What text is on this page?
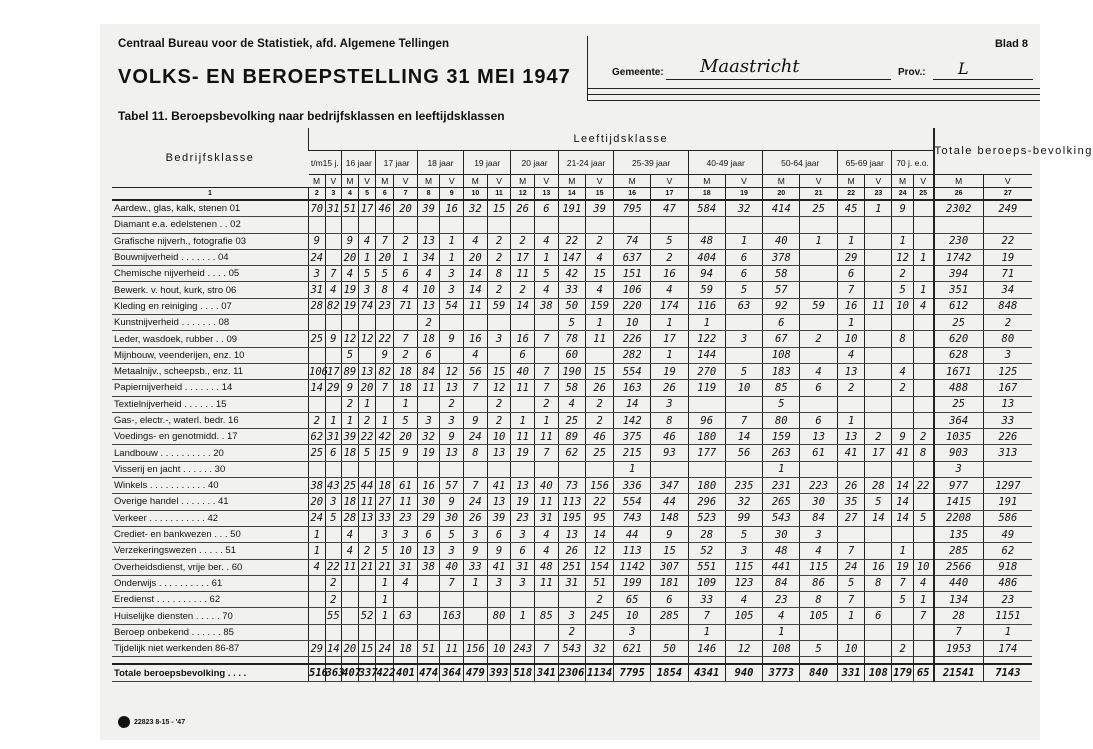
Centraal Bureau voor de Statistiek, afd. Algemene Tellingen
VOLKS- EN BEROEPSTELLING 31 MEI 1947
Blad 8
Gemeente: Maastricht	Prov.: L
Tabel 11. Beroepsbevolking naar bedrijfsklassen en leeftijdsklassen
Bedrijfsklasse	Leeftijdsklasse																								Totale beroeps-bevolking	
	t/m15 j.		16 jaar		17 jaar		18 jaar		19 jaar		20 jaar		21-24 jaar		25-39 jaar		40-49 jaar		50-64 jaar		65-69 jaar		70 j. e.o.			
	M	V	M	V	M	V	M	V	M	V	M	V	M	V	M	V	M	V	M	V	M	V	M	V	M	V
1	2	3	4	5	6	7	8	9	10	11	12	13	14	15	16	17	18	19	20	21	22	23	24	25	26	27
Aardew., glas, kalk, stenen 01	70	31	51	17	46	20	39	16	32	15	26	6	191	39	795	47	584	32	414	25	45	1	9		2302	249
Diamant e.a. edelstenen . . 02																										
Grafische nijverh., fotografie 03	9		9	4	7	2	13	1	4	2	2	4	22	2	74	5	48	1	40	1	1		1		230	22
Bouwnijverheid . . . . . . . 04	24		20	1	20	1	34	1	20	2	17	1	147	4	637	2	404	6	378		29		12	1	1742	19
Chemische nijverheid . . . . 05	3	7	4	5	5	6	4	3	14	8	11	5	42	15	151	16	94	6	58		6		2		394	71
Bewerk. v. hout, kurk, stro 06	31	4	19	3	8	4	10	3	14	2	2	4	33	4	106	4	59	5	57		7		5	1	351	34
Kleding en reiniging . . . . 07	28	82	19	74	23	71	13	54	11	59	14	38	50	159	220	174	116	63	92	59	16	11	10	4	612	848
Kunstnijverheid . . . . . . . 08							2						5	1	10	1	1		6		1				25	2
Leder, wasdoek, rubber . . 09	25	9	12	12	22	7	18	9	16	3	16	7	78	11	226	17	122	3	67	2	10		8		620	80
Mijnbouw, veenderijen, enz. 10			5		9	2	6		4		6		60		282	1	144		108		4				628	3
Metaalnijv., scheepsb., enz. 11	106	17	89	13	82	18	84	12	56	15	40	7	190	15	554	19	270	5	183	4	13		4		1671	125
Papiernijverheid . . . . . . . 14	14	29	9	20	7	18	11	13	7	12	11	7	58	26	163	26	119	10	85	6	2		2		488	167
Textielnijverheid . . . . . . 15			2	1		1		2		2		2	4	2	14	3			5						25	13
Gas-, electr.-, waterl. bedr. 16	2	1	1	2	1	5	3	3	9	2	1	1	25	2	142	8	96	7	80	6	1				364	33
Voedings- en genotmidd. . 17	62	31	39	22	42	20	32	9	24	10	11	11	89	46	375	46	180	14	159	13	13	2	9	2	1035	226
Landbouw . . . . . . . . . . 20	25	6	18	5	15	9	19	13	8	13	19	7	62	25	215	93	177	56	263	61	41	17	41	8	903	313
Visserij en jacht . . . . . . 30															1				1						3	
Winkels . . . . . . . . . . . 40	38	43	25	44	18	61	16	57	7	41	13	40	73	156	336	347	180	235	231	223	26	28	14	22	977	1297
Overige handel . . . . . . . 41	20	3	18	11	27	11	30	9	24	13	19	11	113	22	554	44	296	32	265	30	35	5	14		1415	191
Verkeer . . . . . . . . . . . 42	24	5	28	13	33	23	29	30	26	39	23	31	195	95	743	148	523	99	543	84	27	14	14	5	2208	586
Crediet- en bankwezen . . . 50	1		4		3	3	6	5	3	6	3	4	13	14	44	9	28	5	30	3					135	49
Verzekeringswezen . . . . . 51	1		4	2	5	10	13	3	9	9	6	4	26	12	113	15	52	3	48	4	7		1		285	62
Overheidsdienst, vrije ber. . 60	4	22	11	21	21	31	38	40	33	41	31	48	251	154	1142	307	551	115	441	115	24	16	19	10	2566	918
Onderwijs . . . . . . . . . . 61		2			1	4		7	1	3	3	11	31	51	199	181	109	123	84	86	5	8	7	4	440	486
Eredienst . . . . . . . . . . 62		2			1									2	65	6	33	4	23	8	7		5	1	134	23
Huiselijke diensten . . . . . 70		55		52	1	63		163		80	1	85	3	245	10	285	7	105	4	105	1	6		7	28	1151
Beroep onbekend . . . . . . 85													2		3		1		1						7	1
Tijdelijk niet werkenden 86-87	29	14	20	15	24	18	51	11	156	10	243	7	543	32	621	50	146	12	108	5	10		2		1953	174

Totale beroepsbevolking . . . .	516	363	407	337	422	401	474	364	479	393	518	341	2306	1134	7795	1854	4341	940	3773	840	331	108	179	65	21541	7143
22823 8-15 - '47
